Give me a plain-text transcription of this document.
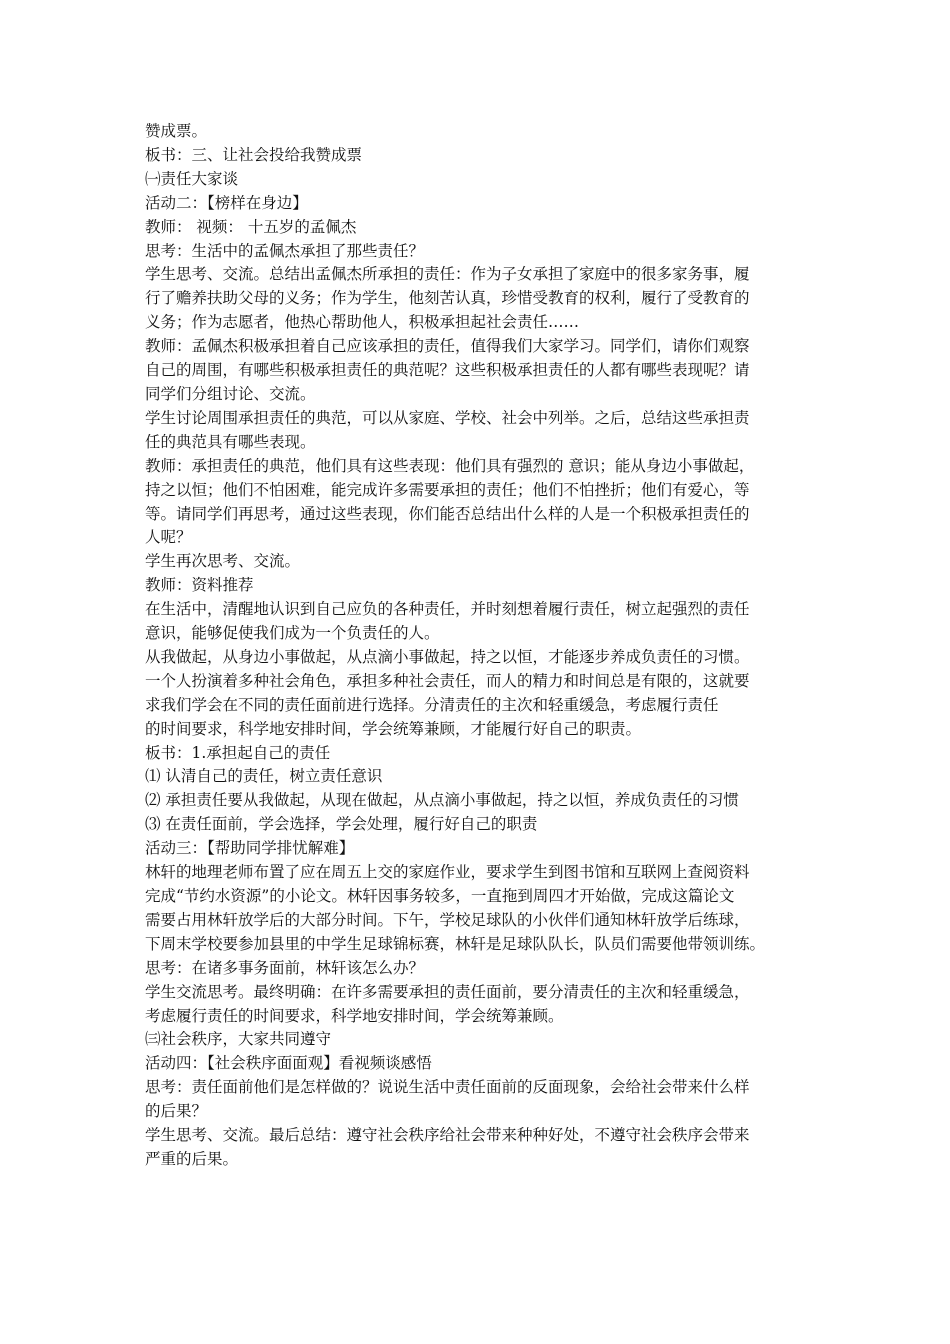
赞成票。

板书：三、让社会投给我赞成票

㈠责任大家谈

活动二：【榜样在身边】

教师： 视频： 十五岁的孟佩杰

思考：生活中的孟佩杰承担了那些责任？

学生思考、交流。总结出孟佩杰所承担的责任：作为子女承担了家庭中的很多家务事，履

行了赡养扶助父母的义务；作为学生，他刻苦认真，珍惜受教育的权利，履行了受教育的

义务；作为志愿者，他热心帮助他人，积极承担起社会责任……

教师：孟佩杰积极承担着自己应该承担的责任，值得我们大家学习。同学们，请你们观察

自己的周围，有哪些积极承担责任的典范呢？这些积极承担责任的人都有哪些表现呢？请

同学们分组讨论、交流。

学生讨论周围承担责任的典范，可以从家庭、学校、社会中列举。之后，总结这些承担责

任的典范具有哪些表现。

教师：承担责任的典范，他们具有这些表现：他们具有强烈的 意识；能从身边小事做起，

持之以恒；他们不怕困难，能完成许多需要承担的责任；他们不怕挫折；他们有爱心，等

等。请同学们再思考，通过这些表现，你们能否总结出什么样的人是一个积极承担责任的

人呢？

学生再次思考、交流。

教师：资料推荐

在生活中，清醒地认识到自己应负的各种责任，并时刻想着履行责任，树立起强烈的责任

意识，能够促使我们成为一个负责任的人。

从我做起，从身边小事做起，从点滴小事做起，持之以恒，才能逐步养成负责任的习惯。

一个人扮演着多种社会角色，承担多种社会责任，而人的精力和时间总是有限的，这就要

求我们学会在不同的责任面前进行选择。分清责任的主次和轻重缓急，考虑履行责任

的时间要求，科学地安排时间，学会统筹兼顾，才能履行好自己的职责。

板书：1.承担起自己的责任

⑴ 认清自己的责任，树立责任意识

⑵ 承担责任要从我做起，从现在做起，从点滴小事做起，持之以恒，养成负责任的习惯

⑶ 在责任面前，学会选择，学会处理，履行好自己的职责

活动三：【帮助同学排忧解难】

林轩的地理老师布置了应在周五上交的家庭作业，要求学生到图书馆和互联网上查阅资料

完成“节约水资源”的小论文。林轩因事务较多，一直拖到周四才开始做，完成这篇论文

需要占用林轩放学后的大部分时间。下午，学校足球队的小伙伴们通知林轩放学后练球，

下周末学校要参加县里的中学生足球锦标赛，林轩是足球队队长，队员们需要他带领训练。

思考：在诸多事务面前，林轩该怎么办？

学生交流思考。最终明确：在许多需要承担的责任面前，要分清责任的主次和轻重缓急，

考虑履行责任的时间要求，科学地安排时间，学会统筹兼顾。

㈢社会秩序，大家共同遵守

活动四：【社会秩序面面观】看视频谈感悟

思考：责任面前他们是怎样做的？说说生活中责任面前的反面现象，会给社会带来什么样

的后果？

学生思考、交流。最后总结：遵守社会秩序给社会带来种种好处，不遵守社会秩序会带来

严重的后果。
